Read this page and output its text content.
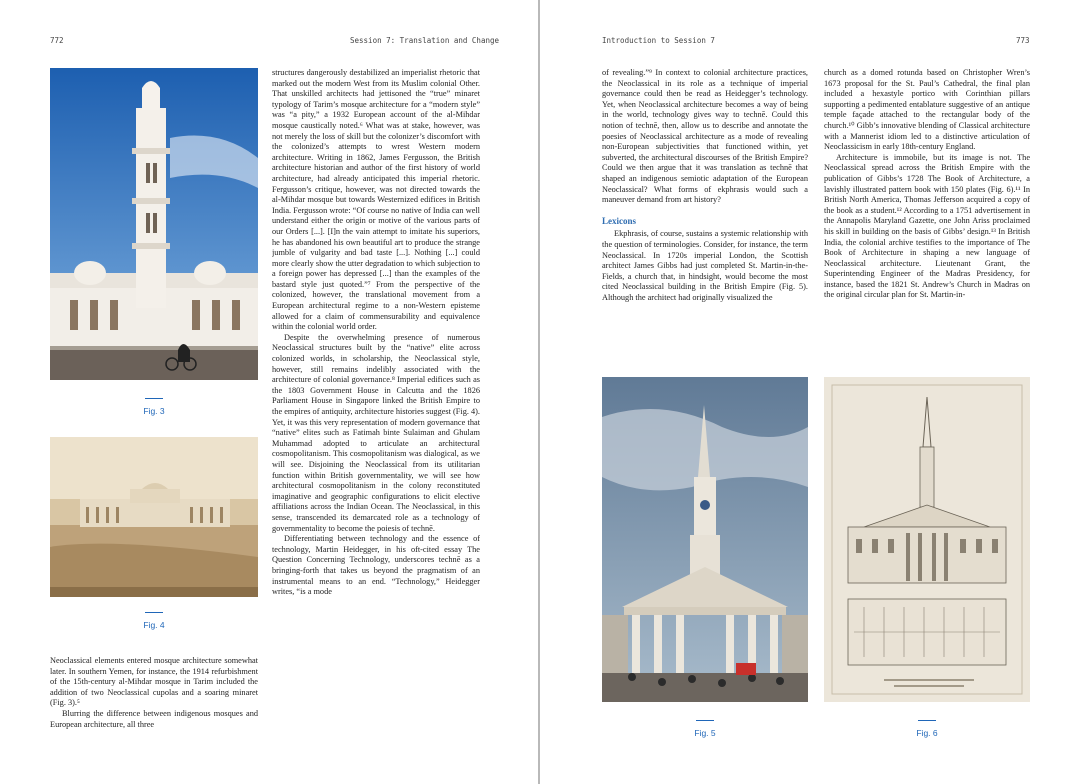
772	Session 7: Translation and Change
Fig. 3
Fig. 4

Neoclassical elements entered mosque architecture somewhat later. In southern Yemen, for instance, the 1914 refurbishment of the 15th-century al-Mihdar mosque in Tarim included the addition of two Neoclassical cupolas and a soaring minaret (Fig. 3).⁵

Blurring the difference between indigenous mosques and European architecture, all three

structures dangerously destabilized an imperialist rhetoric that marked out the modern West from its Muslim colonial Other. That unskilled architects had jettisoned the “true” minaret typology of Tarim’s mosque architecture for a “modern style” was “a pity,” a 1932 European account of the al-Mihdar mosque caustically noted.⁶ What was at stake, however, was not merely the loss of skill but the colonizer’s discomfort with the colonized’s attempts to wrest Western modern architecture. Writing in 1862, James Fergusson, the British architecture historian and author of the first history of world architecture, had already anticipated this imperial rhetoric. Fergusson’s critique, however, was not directed towards the al-Mihdar mosque but towards Westernized edifices in British India. Fergusson wrote: “Of course no native of India can well understand either the origin or motive of the various parts of our Orders [...]. [I]n the vain attempt to imitate his superiors, he has abandoned his own beautiful art to produce the strange jumble of vulgarity and bad taste [...]. Nothing [...] could more clearly show the utter degradation to which subjection to a foreign power has depressed [...] than the examples of the bastard style just quoted.”⁷ From the perspective of the colonized, however, the translational movement from a European architectural regime to a non-Western episteme allowed for a claim of commensurability and equivalence within the colonial world order.

Despite the overwhelming presence of numerous Neoclassical structures built by the “native” elite across colonized worlds, in scholarship, the Neoclassical style, however, still remains indelibly associated with the architecture of colonial governance.⁸ Imperial edifices such as the 1803 Government House in Calcutta and the 1826 Parliament House in Singapore linked the British Empire to the empires of antiquity, architecture histories suggest (Fig. 4). Yet, it was this very representation of modern governance that “native” elites such as Fatimah binte Sulaiman and Ghulam Muhammad adopted to articulate an architectural cosmopolitanism. This cosmopolitanism was dialogical, as we will see. Disjoining the Neoclassical from its utilitarian function within British governmentality, we will see how architectural cosmopolitanism in the colony reconstituted imaginative and geographic configurations to elicit elective affiliations across the Indian Ocean. The Neoclassical, in this sense, transcended its demarcated role as a technology of governmentality to become the poiesis of technē.

Differentiating between technology and the essence of technology, Martin Heidegger, in his oft-cited essay The Question Concerning Technology, underscores technē as a bringing-forth that takes us beyond the pragmatism of an instrumental means to an end. “Technology,” Heidegger writes, “is a mode

Introduction to Session 7	773

of revealing.”⁹ In context to colonial architecture practices, the Neoclassical in its role as a technique of imperial governance could then be read as Heidegger’s technology. Yet, when Neoclassical architecture becomes a way of being in the world, technology gives way to technē. Could this notion of technē, then, allow us to describe and annotate the poesies of Neoclassical architecture as a mode of revealing non-European subjectivities that functioned within, yet subverted, the architectural discourses of the British Empire? Could we then argue that it was translation as technē that shaped an indigenous semiotic adaptation of the European Neoclassical? What forms of ekphrasis would such a maneuver demand from art history?

Lexicons

Ekphrasis, of course, sustains a systemic relationship with the question of terminologies. Consider, for instance, the term Neoclassical. In 1720s imperial London, the Scottish architect James Gibbs had just completed St. Martin-in-the-Fields, a church that, in hindsight, would become the most cited Neoclassical building in the British Empire (Fig. 5). Although the architect had originally visualized the

church as a domed rotunda based on Christopher Wren’s 1673 proposal for the St. Paul’s Cathedral, the final plan included a hexastyle portico with Corinthian pillars supporting a pedimented entablature suggestive of an antique temple façade attached to the rectangular body of the church.¹⁰ Gibb’s innovative blending of Classical architecture with a Mannerist idiom led to a distinctive articulation of Neoclassicism in early 18th-century England.

Architecture is immobile, but its image is not. The Neoclassical spread across the British Empire with the publication of Gibbs’s 1728 The Book of Architecture, a lavishly illustrated pattern book with 150 plates (Fig. 6).¹¹ In British North America, Thomas Jefferson acquired a copy of the book as a student.¹² According to a 1751 advertisement in the Annapolis Maryland Gazette, one John Ariss proclaimed his skill in building on the basis of Gibbs’ design.¹³ In British India, the colonial archive testifies to the importance of The Book of Architecture in shaping a new language of Neoclassical architecture. Lieutenant Grant, the Superintending Engineer of the Madras Presidency, for instance, based the 1821 St. Andrew’s Church in Madras on the original circular plan for St. Martin-in-

Fig. 5	Fig. 6
